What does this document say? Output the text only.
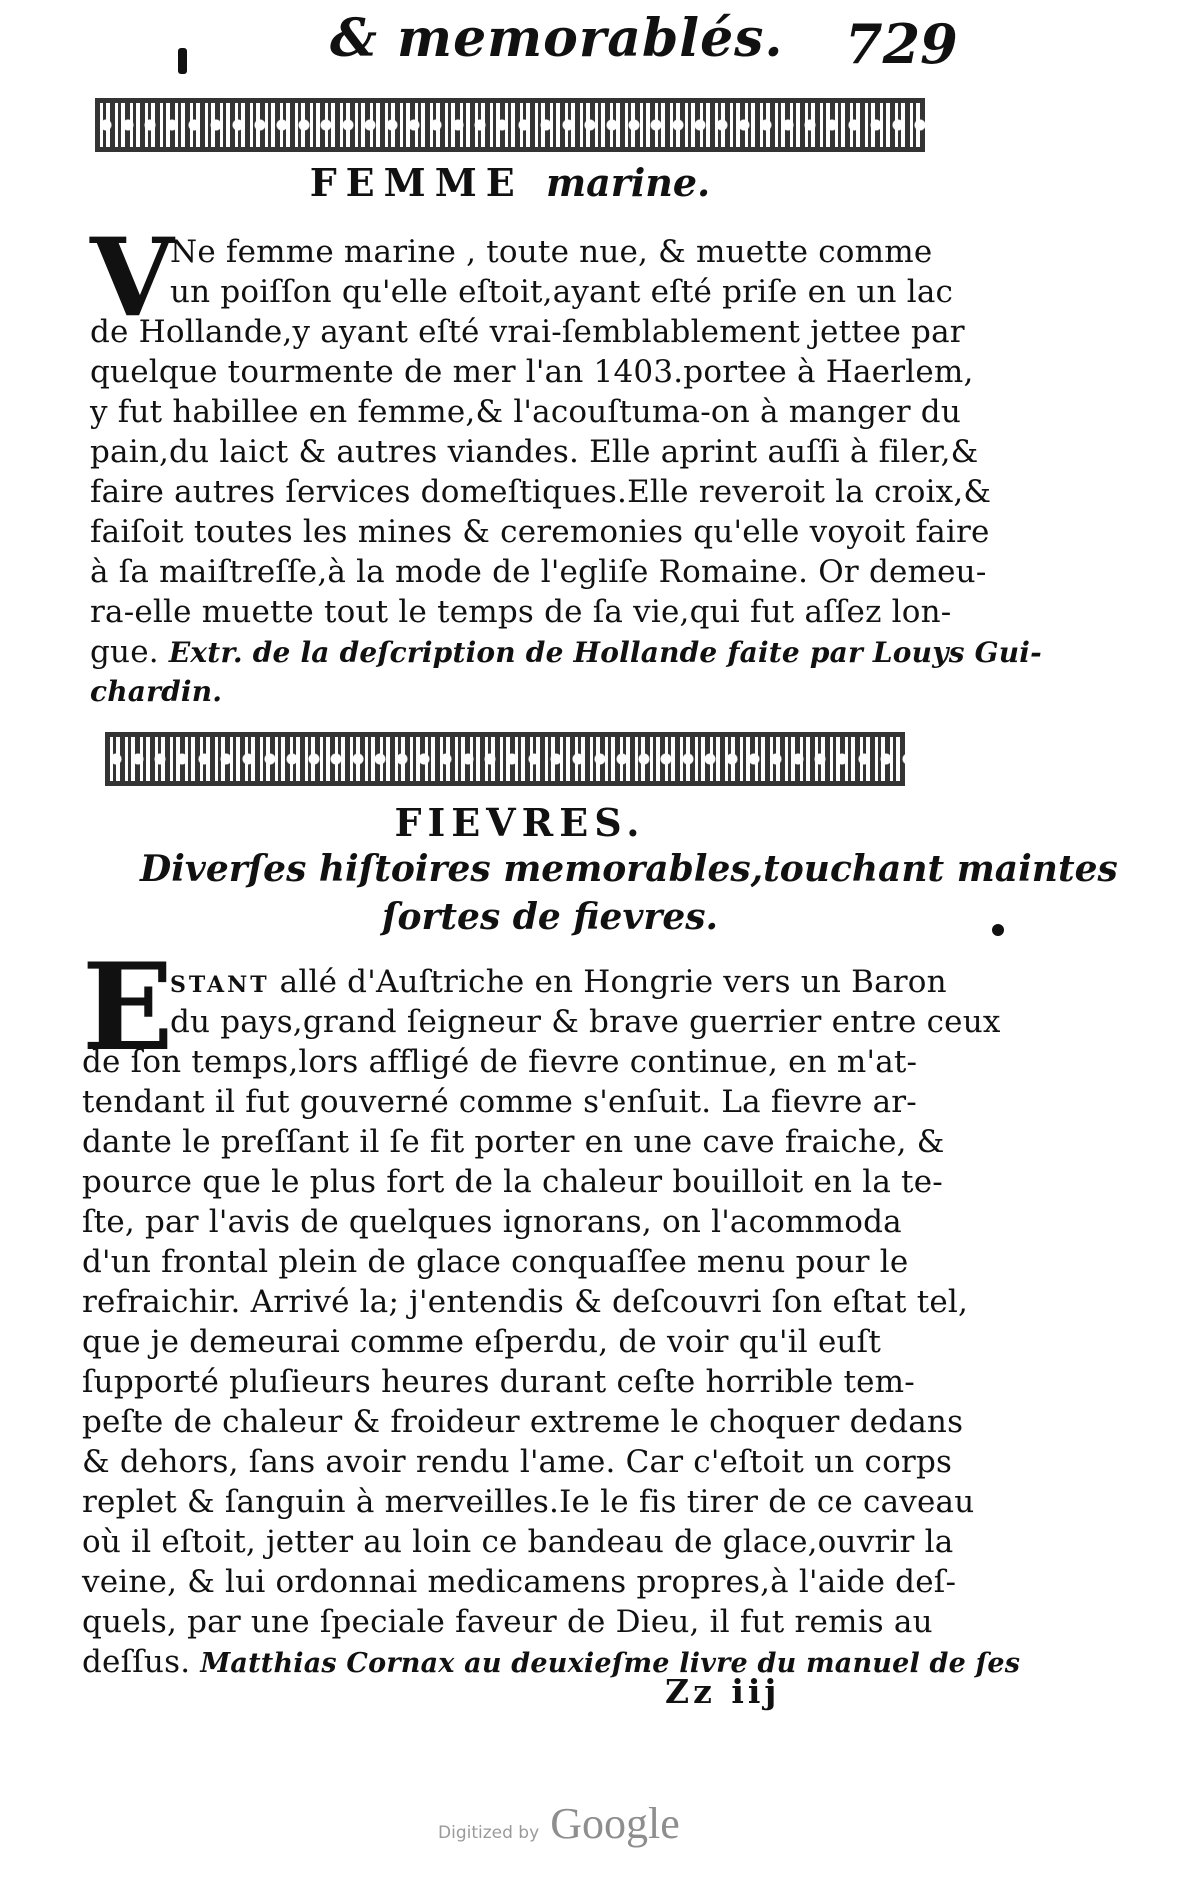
& memorablés. 729
FEMME marine.
V
Ne femme marine , toute nue, & muette comme
un poiſſon qu'elle eſtoit,ayant eſté priſe en un lac
de Hollande,y ayant eſté vrai-ſemblablement jettee par
quelque tourmente de mer l'an 1403.portee à Haerlem,
y fut habillee en femme,& l'acouſtuma-on à manger du
pain,du laict & autres viandes. Elle aprint auſſi à filer,&
faire autres ſervices domeſtiques.Elle reveroit la croix,&
faiſoit toutes les mines & ceremonies qu'elle voyoit faire
à ſa maiſtreſſe,à la mode de l'egliſe Romaine. Or demeu-
ra-elle muette tout le temps de ſa vie,qui fut aſſez lon-
gue. Extr. de la deſcription de Hollande faite par Louys Gui-
chardin.
FIEVRES.
Diverſes hiſtoires memorables,touchant maintes
ſortes de fievres.
E
STANT allé d'Auſtriche en Hongrie vers un Baron
du pays,grand ſeigneur & brave guerrier entre ceux
de ſon temps,lors affligé de fievre continue, en m'at-
tendant il fut gouverné comme s'enſuit. La fievre ar-
dante le preſſant il ſe fit porter en une cave fraiche, &
pource que le plus fort de la chaleur bouilloit en la te-
ſte, par l'avis de quelques ignorans, on l'acommoda
d'un frontal plein de glace conquaſſee menu pour le
refraichir. Arrivé la; j'entendis & deſcouvri ſon eſtat tel,
que je demeurai comme eſperdu, de voir qu'il euſt
ſupporté pluſieurs heures durant ceſte horrible tem-
peſte de chaleur & froideur extreme le choquer dedans
& dehors, ſans avoir rendu l'ame. Car c'eſtoit un corps
replet & ſanguin à merveilles.Ie le fis tirer de ce caveau
où il eſtoit, jetter au loin ce bandeau de glace,ouvrir la
veine, & lui ordonnai medicamens propres,à l'aide deſ-
quels, par une ſpeciale faveur de Dieu, il fut remis au
deſſus. Matthias Cornax au deuxieſme livre du manuel de ſes
Zz iij
Digitized by Google
